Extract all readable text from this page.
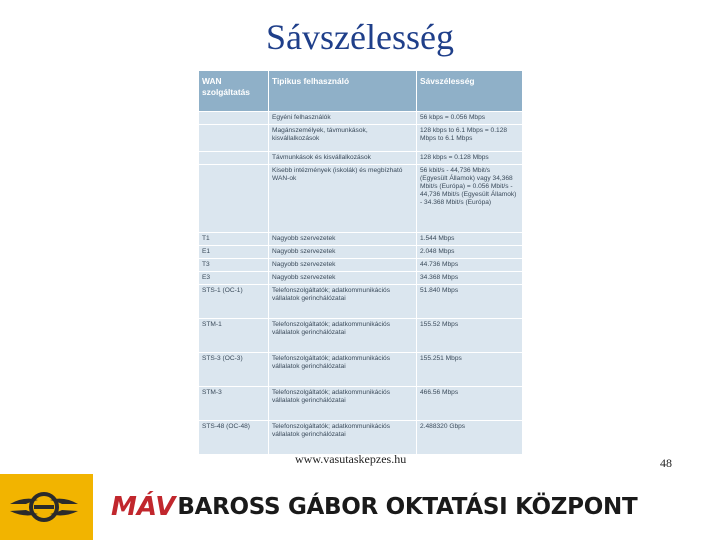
Sávszélesség
WAN szolgáltatás	Tipikus felhasználó	Sávszélesség
	Egyéni felhasználók	56 kbps = 0.056 Mbps
	Magánszemélyek, távmunkások, kisvállalkozások	128 kbps to 6.1 Mbps = 0.128 Mbps to 6.1 Mbps
	Távmunkások és kisvállalkozások	128 kbps = 0.128 Mbps
	Kisebb intézmények (iskolák) és megbízható WAN-ok	56 kbit/s - 44,736 Mbit/s (Egyesült Államok) vagy 34,368 Mbit/s (Európa) = 0.056 Mbit/s - 44,736 Mbit/s (Egyesült Államok) - 34.368 Mbit/s (Európa)
T1	Nagyobb szervezetek	1.544 Mbps
E1	Nagyobb szervezetek	2.048 Mbps
T3	Nagyobb szervezetek	44.736 Mbps
E3	Nagyobb szervezetek	34.368 Mbps
STS-1 (OC-1)	Telefonszolgáltatók; adatkommunikációs vállalatok gerinchálózatai	51.840 Mbps
STM-1	Telefonszolgáltatók; adatkommunikációs vállalatok gerinchálózatai	155.52 Mbps
STS-3 (OC-3)	Telefonszolgáltatók; adatkommunikációs vállalatok gerinchálózatai	155.251 Mbps
STM-3	Telefonszolgáltatók; adatkommunikációs vállalatok gerinchálózatai	466.56 Mbps
STS-48 (OC-48)	Telefonszolgáltatók; adatkommunikációs vállalatok gerinchálózatai	2.488320 Gbps
www.vasutaskepzes.hu	48
MÁV BAROSS GÁBOR OKTATÁSI KÖZPONT
